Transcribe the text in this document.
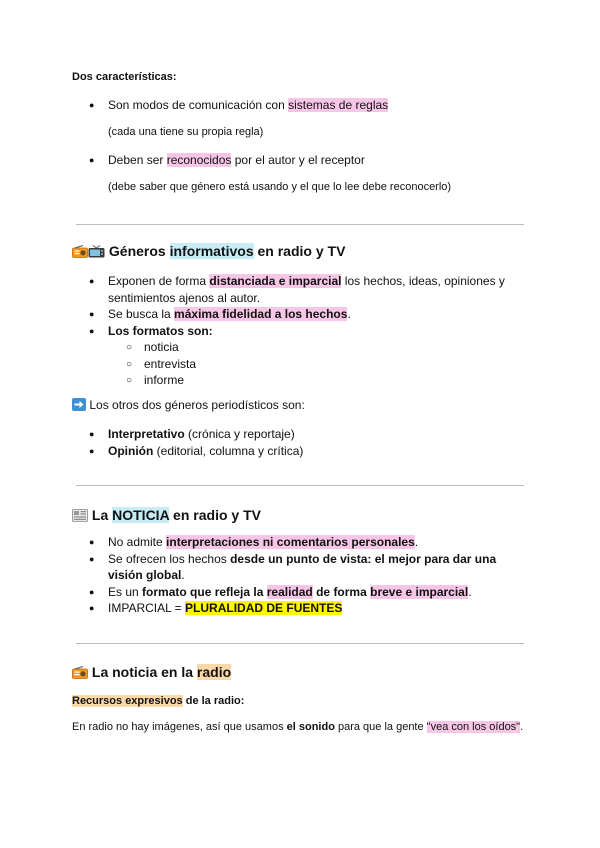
Dos características:
● Son modos de comunicación con sistemas de reglas
(cada una tiene su propia regla)
● Deben ser reconocidos por el autor y el receptor
(debe saber que género está usando y el que lo lee debe reconocerlo)
Géneros informativos en radio y TV
● Exponen de forma distanciada e imparcial los hechos, ideas, opiniones y
sentimientos ajenos al autor.
● Se busca la máxima fidelidad a los hechos.
● Los formatos son:
○ noticia
○ entrevista
○ informe
Los otros dos géneros periodísticos son:
● Interpretativo (crónica y reportaje)
● Opinión (editorial, columna y crítica)
La NOTICIA en radio y TV
● No admite interpretaciones ni comentarios personales.
● Se ofrecen los hechos desde un punto de vista: el mejor para dar una
visión global.
● Es un formato que refleja la realidad de forma breve e imparcial.
● IMPARCIAL = PLURALIDAD DE FUENTES
La noticia en la radio
Recursos expresivos de la radio:
En radio no hay imágenes, así que usamos el sonido para que la gente "vea con los oídos".
